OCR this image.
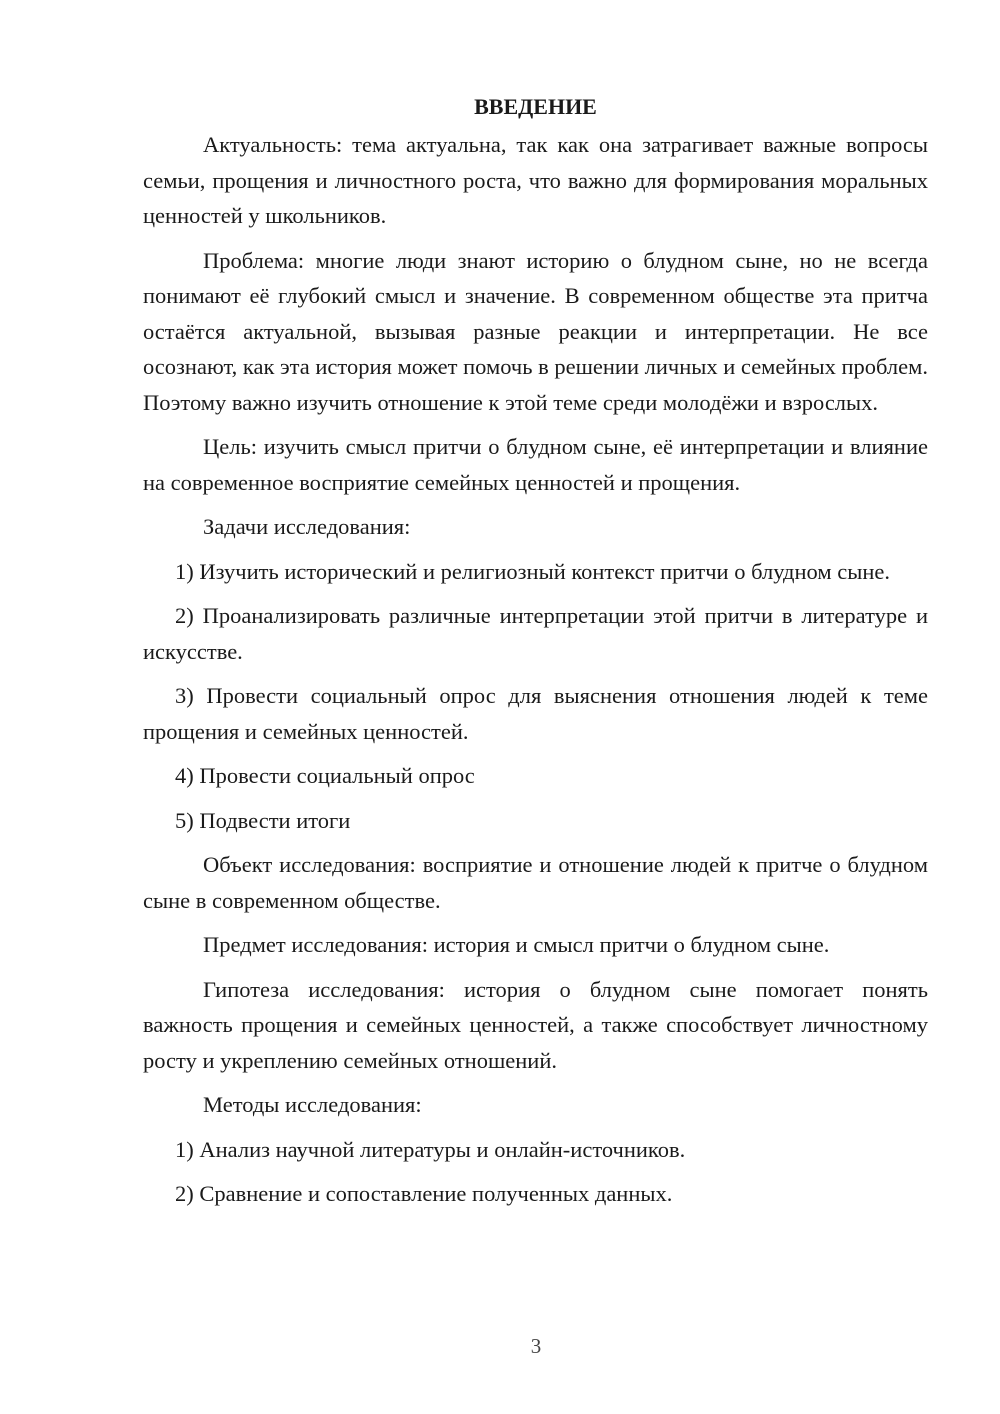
ВВЕДЕНИЕ

Актуальность: тема актуальна, так как она затрагивает важные вопросы семьи, прощения и личностного роста, что важно для формирования моральных ценностей у школьников.

Проблема: многие люди знают историю о блудном сыне, но не всегда понимают её глубокий смысл и значение. В современном обществе эта притча остаётся актуальной, вызывая разные реакции и интерпретации. Не все осознают, как эта история может помочь в решении личных и семейных проблем. Поэтому важно изучить отношение к этой теме среди молодёжи и взрослых.

Цель: изучить смысл притчи о блудном сыне, её интерпретации и влияние на современное восприятие семейных ценностей и прощения.

Задачи исследования:

1) Изучить исторический и религиозный контекст притчи о блудном сыне.

2) Проанализировать различные интерпретации этой притчи в литературе и искусстве.

3) Провести социальный опрос для выяснения отношения людей к теме прощения и семейных ценностей.

4) Провести социальный опрос

5) Подвести итоги

Объект исследования: восприятие и отношение людей к притче о блудном сыне в современном обществе.

Предмет исследования: история и смысл притчи о блудном сыне.

Гипотеза исследования: история о блудном сыне помогает понять важность прощения и семейных ценностей, а также способствует личностному росту и укреплению семейных отношений.

Методы исследования:

1) Анализ научной литературы и онлайн-источников.

2) Сравнение и сопоставление полученных данных.

3
